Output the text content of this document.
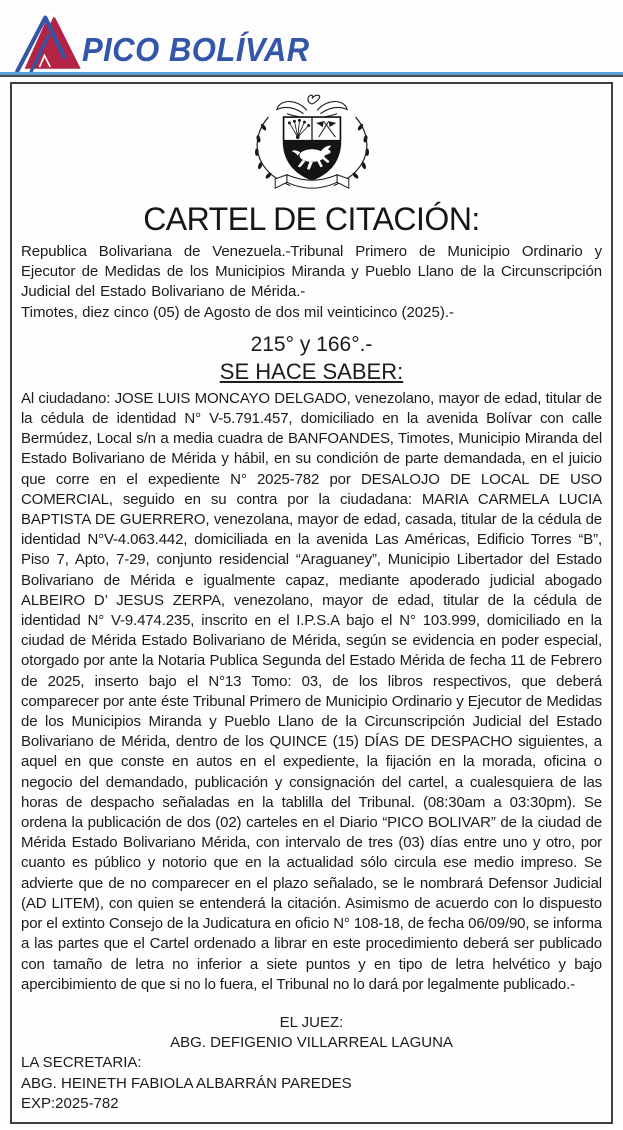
PICO BOLÍVAR
CARTEL DE CITACIÓN:
Republica Bolivariana de Venezuela.-Tribunal Primero de Municipio Ordinario y Ejecutor de Medidas de los Municipios Miranda y Pueblo Llano de la Circunscripción Judicial del Estado Bolivariano de Mérida.-
Timotes, diez cinco (05) de Agosto de dos mil veinticinco (2025).-
215° y 166°.-
SE HACE SABER:
Al ciudadano: JOSE LUIS MONCAYO DELGADO, venezolano, mayor de edad, titular de la cédula de identidad N° V-5.791.457, domiciliado en la avenida Bolívar con calle Bermúdez, Local s/n a media cuadra de BANFOANDES, Timotes, Municipio Miranda del Estado Bolivariano de Mérida y hábil, en su condición de parte demandada, en el juicio que corre en el expediente N° 2025-782 por DESALOJO DE LOCAL DE USO COMERCIAL, seguido en su contra por la ciudadana: MARIA CARMELA LUCIA BAPTISTA DE GUERRERO, venezolana, mayor de edad, casada, titular de la cédula de identidad N°V-4.063.442, domiciliada en la avenida Las Américas, Edificio Torres “B”, Piso 7, Apto, 7-29, conjunto residencial “Araguaney”, Municipio Libertador del Estado Bolivariano de Mérida e igualmente capaz, mediante apoderado judicial abogado ALBEIRO D’ JESUS ZERPA, venezolano, mayor de edad, titular de la cédula de identidad N° V-9.474.235, inscrito en el I.P.S.A bajo el N° 103.999, domiciliado en la ciudad de Mérida Estado Bolivariano de Mérida, según se evidencia en poder especial, otorgado por ante la Notaria Publica Segunda del Estado Mérida de fecha 11 de Febrero de 2025, inserto bajo el N°13 Tomo: 03, de los libros respectivos, que deberá comparecer por ante éste Tribunal Primero de Municipio Ordinario y Ejecutor de Medidas de los Municipios Miranda y Pueblo Llano de la Circunscripción Judicial del Estado Bolivariano de Mérida, dentro de los QUINCE (15) DÍAS DE DESPACHO siguientes, a aquel en que conste en autos en el expediente, la fijación en la morada, oficina o negocio del demandado, publicación y consignación del cartel, a cualesquiera de las horas de despacho señaladas en la tablilla del Tribunal. (08:30am a 03:30pm). Se ordena la publicación de dos (02) carteles en el Diario “PICO BOLIVAR” de la ciudad de Mérida Estado Bolivariano Mérida, con intervalo de tres (03) días entre uno y otro, por cuanto es público y notorio que en la actualidad sólo circula ese medio impreso. Se advierte que de no comparecer en el plazo señalado, se le nombrará Defensor Judicial (AD LITEM), con quien se entenderá la citación. Asimismo de acuerdo con lo dispuesto por el extinto Consejo de la Judicatura en oficio N° 108-18, de fecha 06/09/90, se informa a las partes que el Cartel ordenado a librar en este procedimiento deberá ser publicado con tamaño de letra no inferior a siete puntos y en tipo de letra helvético y bajo apercibimiento de que si no lo fuera, el Tribunal no lo dará por legalmente publicado.-
EL JUEZ:
ABG. DEFIGENIO VILLARREAL LAGUNA
LA SECRETARIA:
ABG. HEINETH FABIOLA ALBARRÁN PAREDES
EXP:2025-782
